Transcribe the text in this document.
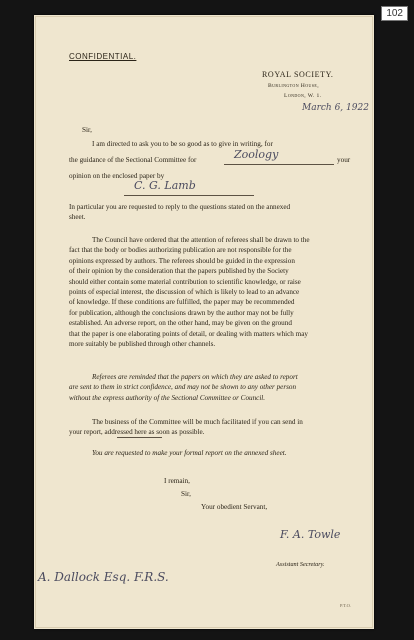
102
CONFIDENTIAL.
ROYAL SOCIETY.
Burlington House,
London, W. 1.
March 6, 1922
Sir,
I am directed to ask you to be so good as to give in writing, for
the guidance of the Sectional Committee for	Zoology	your
opinion on the enclosed paper by
C. G. Lamb
In particular you are requested to reply to the questions stated on the annexed
sheet.
The Council have ordered that the attention of referees shall be drawn to the
fact that the body or bodies authorizing publication are not responsible for the
opinions expressed by authors. The referees should be guided in the expression
of their opinion by the consideration that the papers published by the Society
should either contain some material contribution to scientific knowledge, or raise
points of especial interest, the discussion of which is likely to lead to an advance
of knowledge. If these conditions are fulfilled, the paper may be recommended
for publication, although the conclusions drawn by the author may not be fully
established. An adverse report, on the other hand, may be given on the ground
that the paper is one elaborating points of detail, or dealing with matters which may
more suitably be published through other channels.
Referees are reminded that the papers on which they are asked to report
are sent to them in strict confidence, and may not be shown to any other person
without the express authority of the Sectional Committee or Council.
The business of the Committee will be much facilitated if you can send in
your report, addressed here as soon as possible.
You are requested to make your formal report on the annexed sheet.
I remain,
Sir,
Your obedient Servant,
F. A. Towle
Assistant Secretary.
A. Dallock Esq. F.R.S.
P.T.O.
